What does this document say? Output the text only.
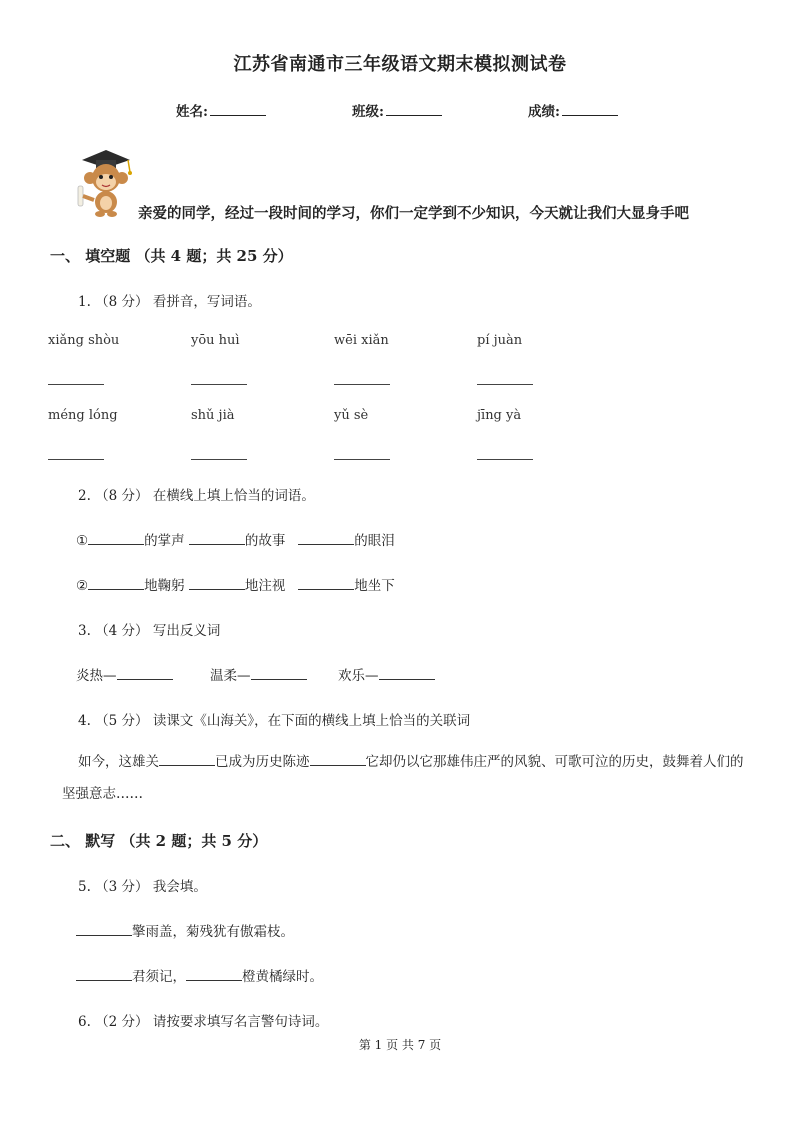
江苏省南通市三年级语文期末模拟测试卷
姓名:	班级:	成绩:
亲爱的同学，经过一段时间的学习，你们一定学到不少知识，今天就让我们大显身手吧
一、 填空题 （共 4 题；共 25 分）
1. （8 分） 看拼音，写词语。
xiǎng shòu	yōu huì	wēi xiǎn	pí juàn
méng lóng	shǔ jià	yǔ sè	jīng yà
2. （8 分） 在横线上填上恰当的词语。
①	的掌声	的故事	的眼泪
②	地鞠躬	地注视	地坐下
3. （4 分） 写出反义词
炎热—	温柔—	欢乐—
4. （5 分） 读课文《山海关》，在下面的横线上填上恰当的关联词
如今，这雄关	已成为历史陈迹	它却仍以它那雄伟庄严的风貌、可歌可泣的历史，鼓舞着人们的坚强意志……
二、 默写 （共 2 题；共 5 分）
5. （3 分） 我会填。
擎雨盖，菊残犹有傲霜枝。
君须记，	橙黄橘绿时。
6. （2 分） 请按要求填写名言警句诗词。
第 1 页 共 7 页
